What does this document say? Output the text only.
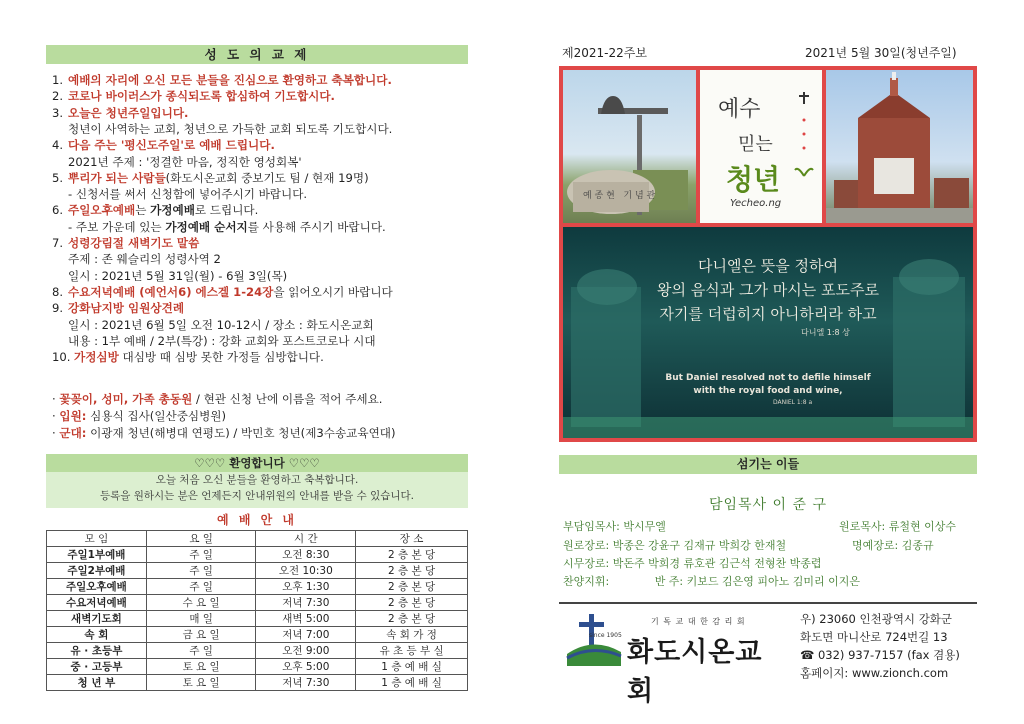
성 도 의 교 제
1. 예배의 자리에 오신 모든 분들을 진심으로 환영하고 축복합니다.
2. 코로나 바이러스가 종식되도록 합심하여 기도합시다.
3. 오늘은 청년주일입니다.
청년이 사역하는 교회, 청년으로 가득한 교회 되도록 기도합시다.
4. 다음 주는 '평신도주일'로 예배 드립니다.
2021년 주제 : '정결한 마음, 정직한 영성회복'
5. 뿌리가 되는 사람들(화도시온교회 중보기도 팀 / 현재 19명)
- 신청서를 써서 신청함에 넣어주시기 바랍니다.
6. 주일오후예배는 가정예배로 드립니다.
- 주보 가운데 있는 가정예배 순서지를 사용해 주시기 바랍니다.
7. 성령강림절 새벽기도 말씀
주제 : 존 웨슬리의 성령사역 2
일시 : 2021년 5월 31일(월) - 6월 3일(목)
8. 수요저녁예배 (예언서6) 에스겔 1-24장을 읽어오시기 바랍니다
9. 강화남지방 임원상견례
일시 : 2021년 6월 5일 오전 10-12시 / 장소 : 화도시온교회
내용 : 1부 예배 / 2부(특강) : 강화 교회와 포스트코로나 시대
10. 가정심방 대심방 때 심방 못한 가정들 심방합니다.
· 꽃꽂이, 성미, 가족 총동원 / 현관 신청 난에 이름을 적어 주세요.
· 입원: 심용식 집사(일산중심병원)
· 군대: 이광재 청년(해병대 연평도) / 박민호 청년(제3수송교육연대)
♡♡♡ 환영합니다 ♡♡♡
오늘 처음 오신 분들을 환영하고 축복합니다.
등록을 원하시는 분은 언제든지 안내위원의 안내를 받을 수 있습니다.
예 배 안 내
모 임	요 일	시 간	장 소
주일1부예배	주 일	오전 8:30	2 층 본 당
주일2부예배	주 일	오전 10:30	2 층 본 당
주일오후예배	주 일	오후 1:30	2 층 본 당
수요저녁예배	수 요 일	저녁 7:30	2 층 본 당
새벽기도회	매 일	새벽 5:00	2 층 본 당
속 회	금 요 일	저녁 7:00	속 회 가 정
유 · 초등부	주 일	오전 9:00	유 초 등 부 실
중 · 고등부	토 요 일	오후 5:00	1 층 예 배 실
청 년 부	토 요 일	저녁 7:30	1 층 예 배 실
제2021-22주보	2021년 5월 30일(청년주일)
예 종 현 기 념 관
예수
믿는
청년
Yecheo.ng
다니엘은 뜻을 정하여
왕의 음식과 그가 마시는 포도주로
자기를 더럽히지 아니하리라 하고
다니엘 1:8 상
But Daniel resolved not to defile himself
with the royal food and wine,
DANIEL 1:8 a
섬기는 이들
담임목사 이 준 구
부담임목사: 박시무엘	원로목사: 류철현 이상수
원로장로: 박종은 강윤구 김재규 박희강 한재철	명예장로: 김종규
시무장로: 박돈주 박희경 류호관 김근석 전형찬 박종렵
찬양지휘:	반 주: 키보드 김은영 피아노 김미리 이지은
since 1905
기 독 교 대 한 감 리 회
화도시온교회
우) 23060 인천광역시 강화군
화도면 마니산로 724번길 13
☎ 032) 937-7157 (fax 겸용)
홈페이지: www.zionch.com
